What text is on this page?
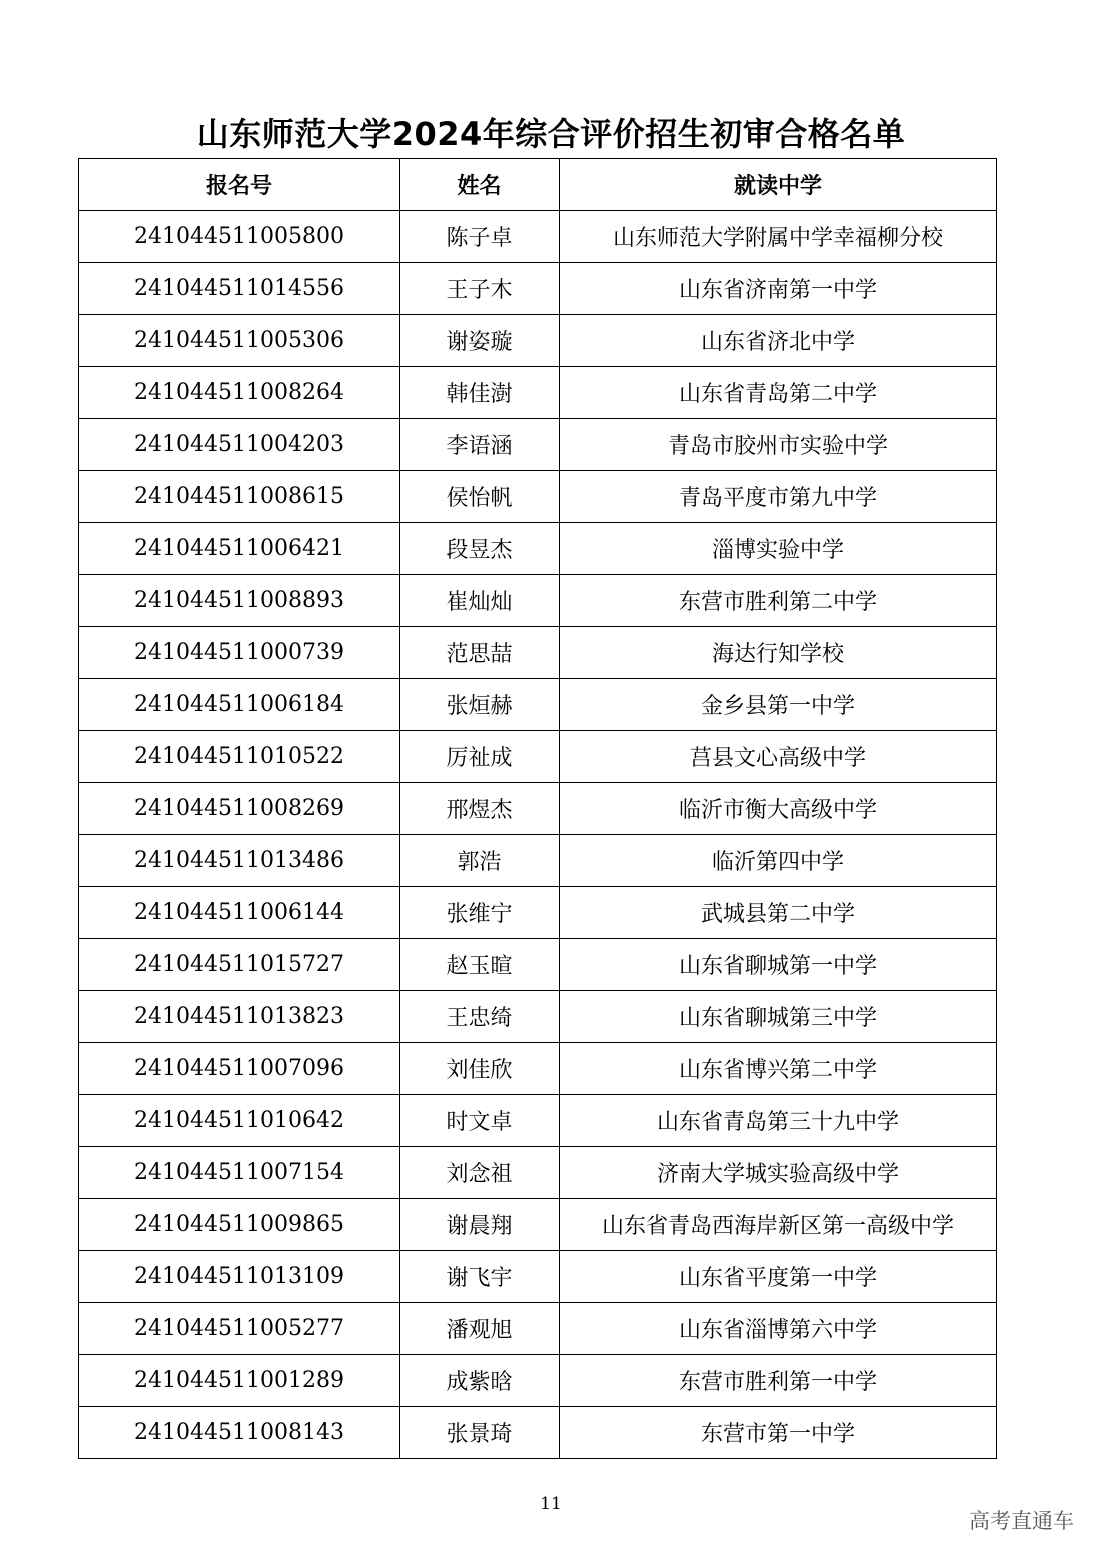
山东师范大学2024年综合评价招生初审合格名单
报名号	姓名	就读中学
241044511005800	陈子卓	山东师范大学附属中学幸福柳分校
241044511014556	王子木	山东省济南第一中学
241044511005306	谢姿璇	山东省济北中学
241044511008264	韩佳澍	山东省青岛第二中学
241044511004203	李语涵	青岛市胶州市实验中学
241044511008615	侯怡帆	青岛平度市第九中学
241044511006421	段昱杰	淄博实验中学
241044511008893	崔灿灿	东营市胜利第二中学
241044511000739	范思喆	海达行知学校
241044511006184	张烜赫	金乡县第一中学
241044511010522	厉祉成	莒县文心高级中学
241044511008269	邢煜杰	临沂市衡大高级中学
241044511013486	郭浩	临沂第四中学
241044511006144	张维宁	武城县第二中学
241044511015727	赵玉暄	山东省聊城第一中学
241044511013823	王忠绮	山东省聊城第三中学
241044511007096	刘佳欣	山东省博兴第二中学
241044511010642	时文卓	山东省青岛第三十九中学
241044511007154	刘念祖	济南大学城实验高级中学
241044511009865	谢晨翔	山东省青岛西海岸新区第一高级中学
241044511013109	谢飞宇	山东省平度第一中学
241044511005277	潘观旭	山东省淄博第六中学
241044511001289	成紫晗	东营市胜利第一中学
241044511008143	张景琦	东营市第一中学
11
高考直通车
